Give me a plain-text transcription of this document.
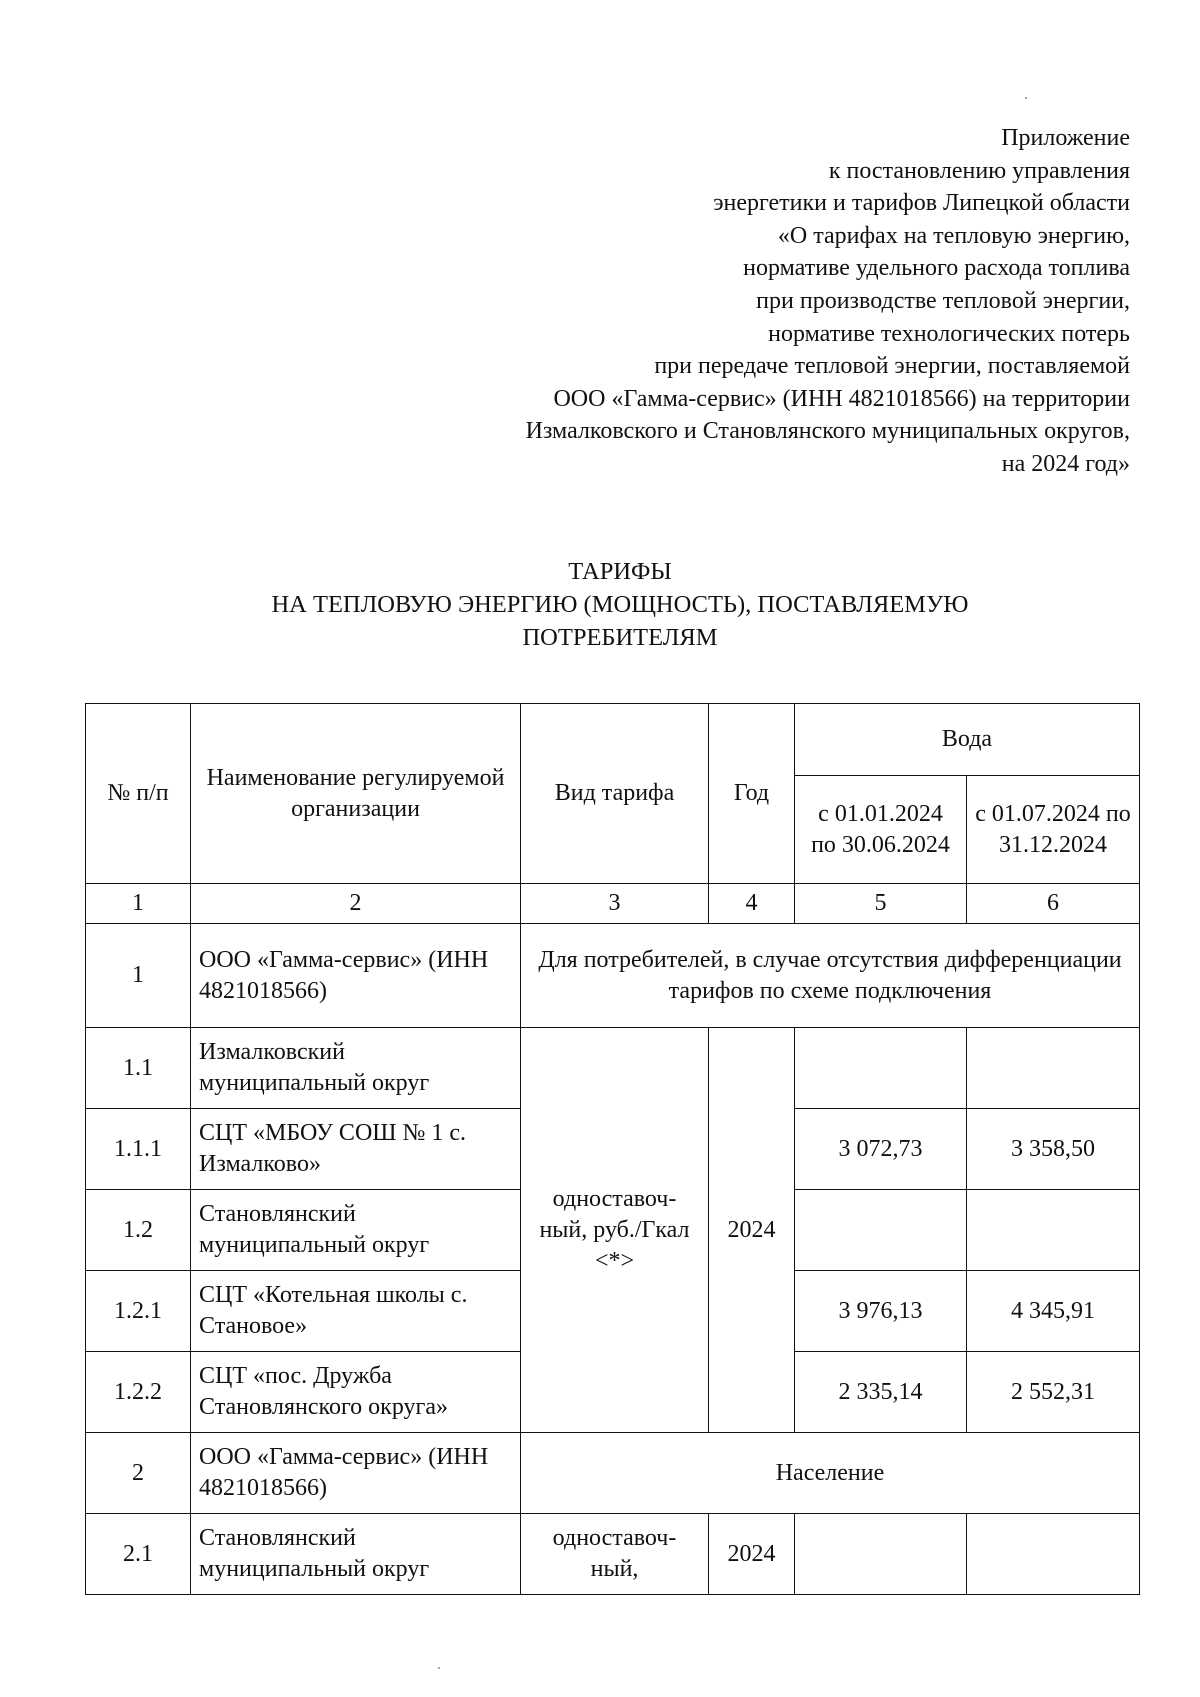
Приложение
к постановлению управления
энергетики и тарифов Липецкой области
«О тарифах на тепловую энергию,
нормативе удельного расхода топлива
при производстве тепловой энергии,
нормативе технологических потерь
при передаче тепловой энергии, поставляемой
ООО «Гамма-сервис» (ИНН 4821018566) на территории
Измалковского и Становлянского муниципальных округов,
на 2024 год»
ТАРИФЫ
НА ТЕПЛОВУЮ ЭНЕРГИЮ (МОЩНОСТЬ), ПОСТАВЛЯЕМУЮ
ПОТРЕБИТЕЛЯМ
№ п/п	Наименование регулируемой организации	Вид тарифа	Год	Вода	
				с 01.01.2024 по 30.06.2024	с 01.07.2024 по 31.12.2024
1	2	3	4	5	6
1	ООО «Гамма-сервис» (ИНН 4821018566)	Для потребителей, в случае отсутствия дифференциации тарифов по схеме подключения			
1.1	Измалковский муниципальный округ	одноставоч-ный, руб./Гкал <*>	2024		
1.1.1	СЦТ «МБОУ СОШ № 1 с. Измалково»			3 072,73	3 358,50
1.2	Становлянский муниципальный округ				
1.2.1	СЦТ «Котельная школы с. Становое»			3 976,13	4 345,91
1.2.2	СЦТ «пос. Дружба Становлянского округа»			2 335,14	2 552,31
2	ООО «Гамма-сервис» (ИНН 4821018566)	Население			
2.1	Становлянский муниципальный округ	одноставоч-ный,	2024		
